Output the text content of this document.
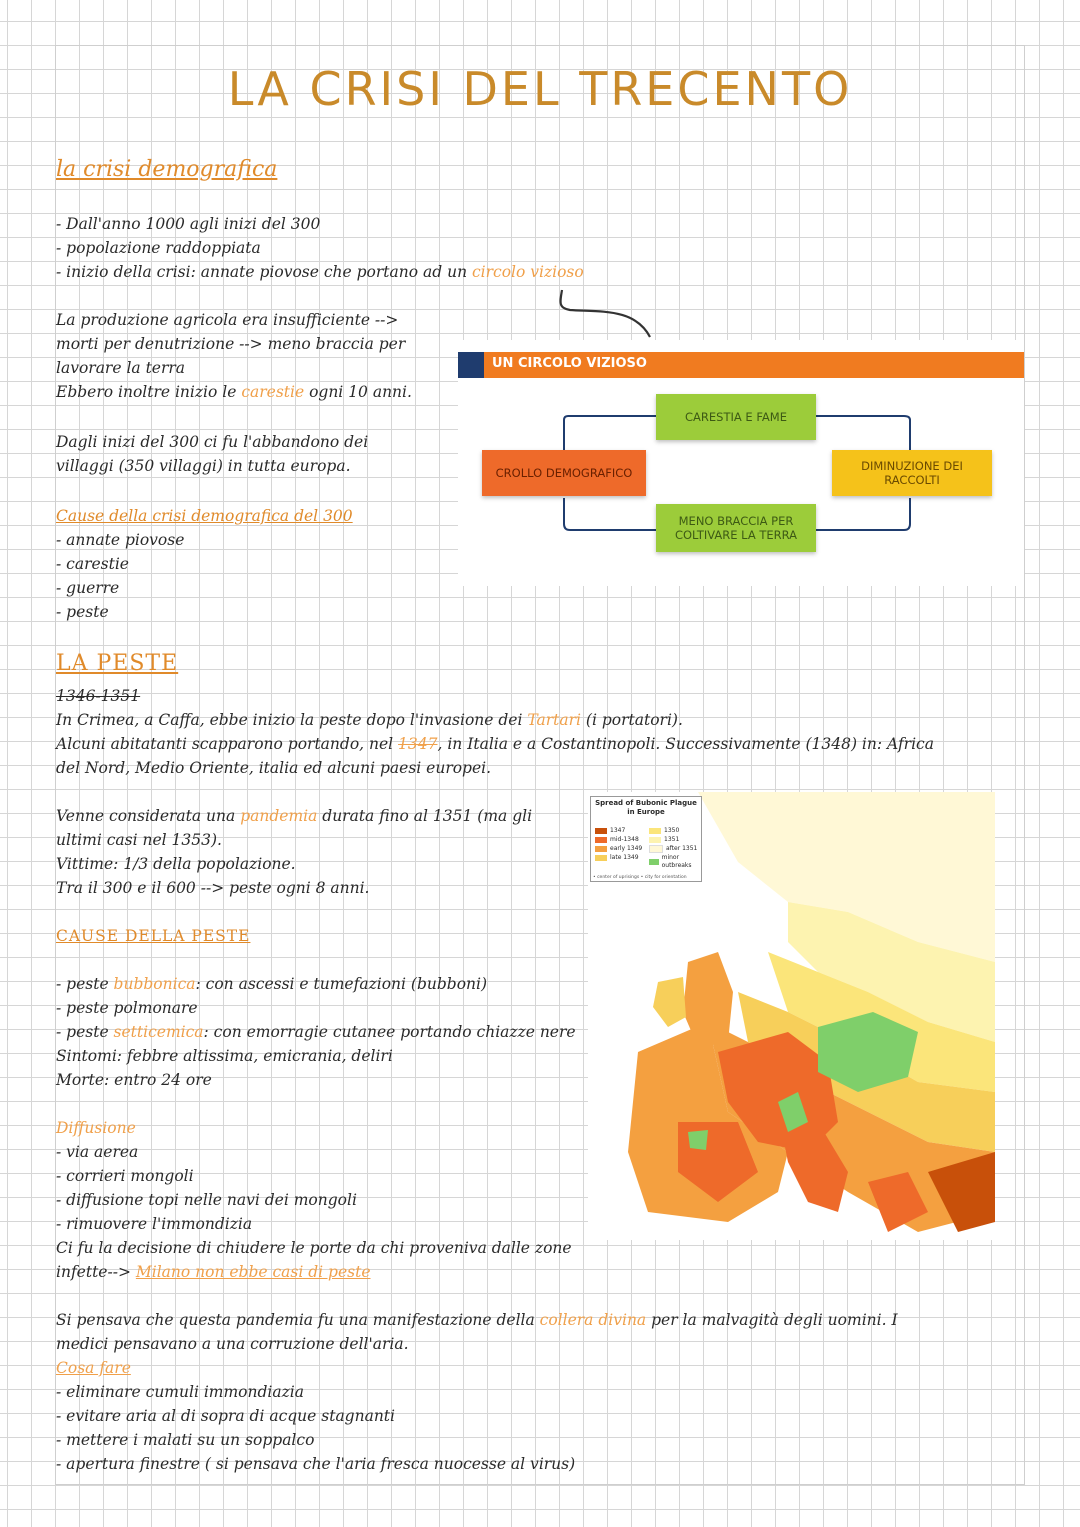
LA CRISI DEL TRECENTO
la crisi demografica

- Dall'anno 1000 agli inizi del 300

- popolazione raddoppiata

- inizio della crisi: annate piovose che portano ad un circolo vizioso

La produzione agricola era insufficiente -->

morti per denutrizione --> meno braccia per

lavorare la terra

Ebbero inoltre inizio le carestie ogni 10 anni.

Dagli inizi del 300 ci fu l'abbandono dei

villaggi (350 villaggi) in tutta europa.

Cause della crisi demografica del 300

- annate piovose

- carestie

- guerre

- peste

UN CIRCOLO VIZIOSO
CARESTIA E FAME
CROLLO DEMOGRAFICO	DIMINUZIONE DEI RACCOLTI
MENO BRACCIA PER COLTIVARE LA TERRA
LA PESTE

1346-1351

In Crimea, a Caffa, ebbe inizio la peste dopo l'invasione dei Tartari (i portatori).

Alcuni abitatanti scapparono portando, nel 1347, in Italia e a Costantinopoli. Successivamente (1348) in: Africa

del Nord, Medio Oriente, italia ed alcuni paesi europei.

Venne considerata una pandemia durata fino al 1351 (ma gli

ultimi casi nel 1353).

Vittime: 1/3 della popolazione.

Tra il 300 e il 600 --> peste ogni 8 anni.

CAUSE DELLA PESTE

- peste bubbonica: con ascessi e tumefazioni (bubboni)

- peste polmonare

- peste setticemica: con emorragie cutanee portando chiazze nere

Sintomi: febbre altissima, emicrania, deliri

Morte: entro 24 ore

Diffusione

- via aerea

- corrieri mongoli

- diffusione topi nelle navi dei mongoli

- rimuovere l'immondizia

Ci fu la decisione di chiudere le porte da chi proveniva dalle zone

infette--> Milano non ebbe casi di peste

Si pensava che questa pandemia fu una manifestazione della collera divina per la malvagità degli uomini. I

medici pensavano a una corruzione dell'aria.

Cosa fare

- eliminare cumuli immondiazia

- evitare aria al di sopra di acque stagnanti

- mettere i malati su un soppalco

- apertura finestre ( si pensava che l'aria fresca nuocesse al virus)

Spread of Bubonic Plague in Europe
1347
mid-1348
early 1349
late 1349
1350
1351
after 1351
minor outbreaks
• center of uprisings • city for orientation
